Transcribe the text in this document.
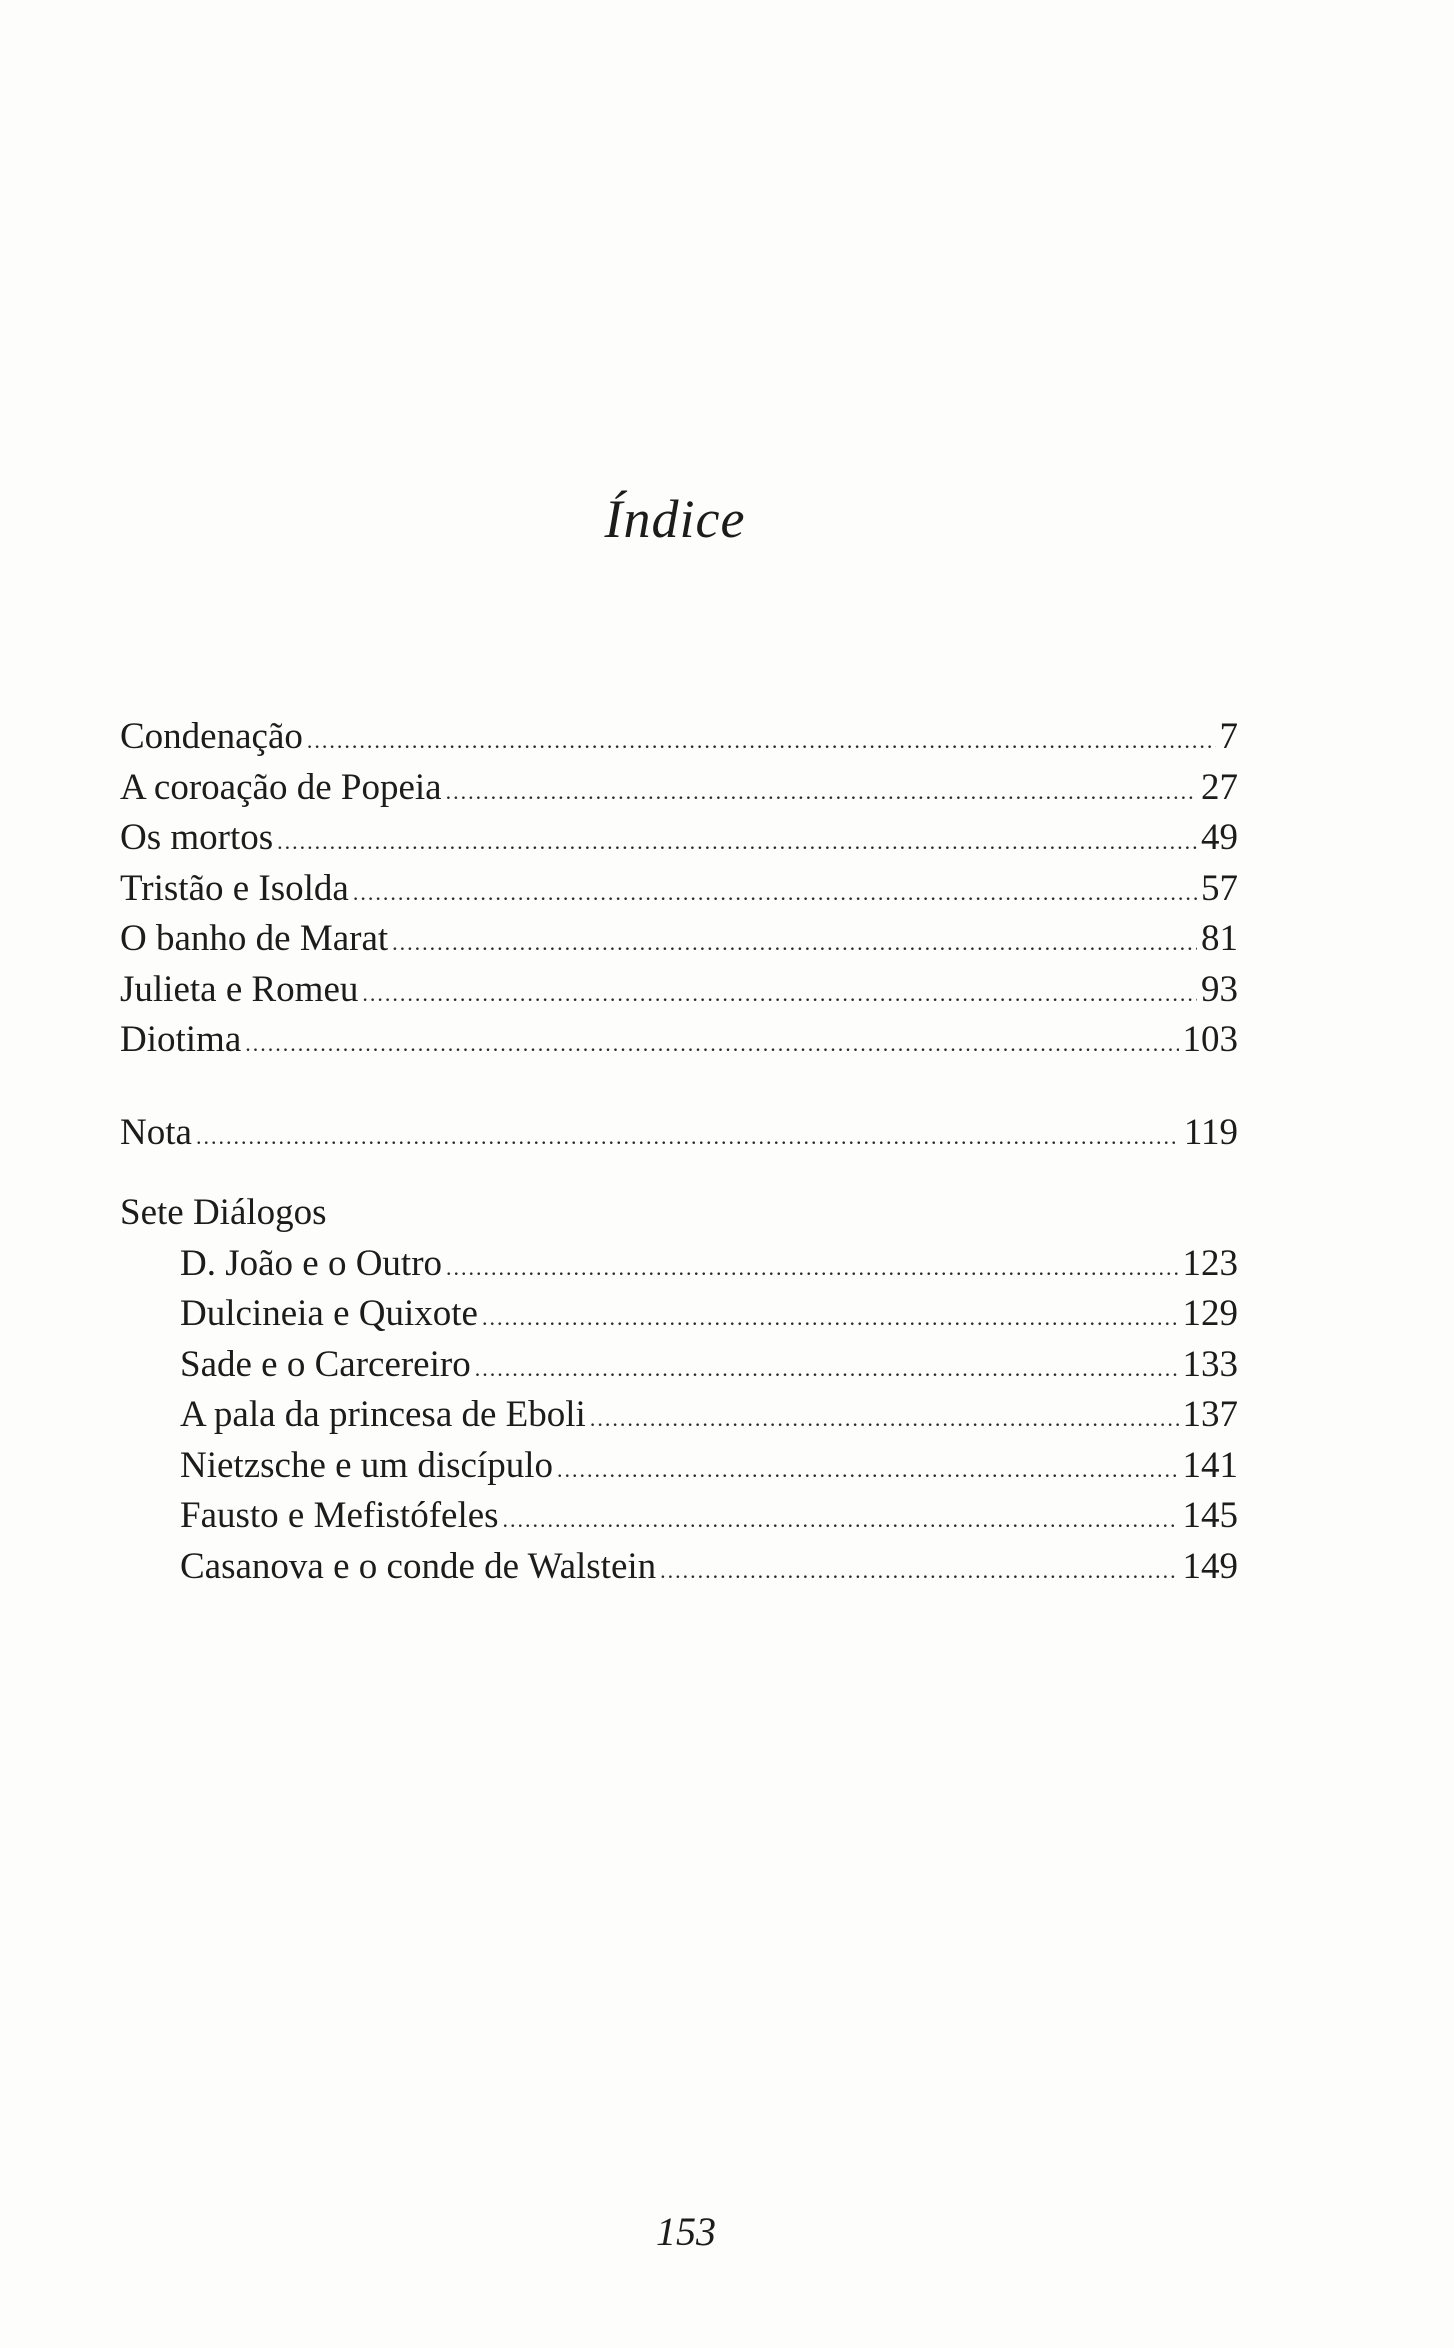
Índice
Condenação .....	7
A coroação de Popeia .....	27
Os mortos .....	49
Tristão e Isolda .....	57
O banho de Marat .....	81
Julieta e Romeu .....	93
Diotima .....	103
Nota .....	119
Sete Diálogos
D. João e o Outro .....	123
Dulcineia e Quixote .....	129
Sade e o Carcereiro .....	133
A pala da princesa de Eboli .....	137
Nietzsche e um discípulo .....	141
Fausto e Mefistófeles .....	145
Casanova e o conde de Walstein .....	149
153
